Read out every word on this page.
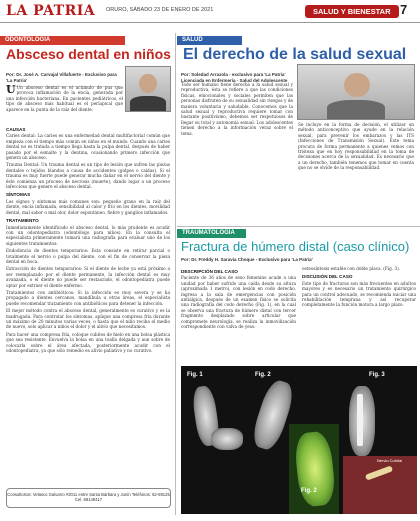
LA PATRIA ORURO, SÁBADO 23 DE ENERO DE 2021	SALUD Y BIENESTAR 7
ODONTOLOGÍA
Absceso dental en niños
Por: Dr. José A. Carvajal Villafuerte - Exclusivo para 'La Patria'

U Un absceso dental es el acúmulo de pus que provoca inflamación de la encía, generada por una infección bacteriana. En pacientes pediátricos, el tipo de absceso más habitual es el periapical que aparece en la punta de la raíz del diente.

CAUSAS

Caries dental: La caries es una enfermedad dental multifactorial común que empieza con el tiempo más común en niños en el mundo. Cuando una caries dental no es tratada a tiempo llega hasta la pulpa dental, después de haber pasado por el esmalte y la dentina, ocasionando primero infección que genera un absceso.

Trauma Dental: Un trauma dental es un tipo de lesión que sufren las piezas dentales o tejidos blandos a causa de accidentes (golpes o caídas). Si el trauma es muy fuerte puede generar mucha dañar en el nervio del diente y éste comienza un proceso de necrosis (muerte), dando lugar a un proceso infeccioso que genere el absceso dental.

SÍNTOMAS

Los signos y síntomas más comunes son: pequeño grano en la raíz del diente, encía inflamada, sensibilidad al calor y frío en los dientes, movilidad dental, mal sabor o mal olor, dolor espontáneo, fiebre y ganglios inflamados.

TRATAMIENTO

Inmediatamente identificado el absceso dental, lo más prudente es acudir con un odontopediatra (odontólogo para niños). En la consulta el especialista primeramente tomará una radiografía para evaluar uno de los siguientes tratamientos:

Endodoncia de dientes temporarios: Esta consiste en retirar parcial o totalmente el nervio o pulpa del diente, con el fin de conservar la pieza dental en boca.

Extracción de dientes temporarios: Si el diente de leche ya está próximo a ser reemplazado por el diente permanente, la infección dental es muy avanzada, o el diente no puede ser restaurado, el odontopediatra puede optar por extraer el diente enfermo.

Tratamientos con antibióticos: Si la infección es muy severa y se ha propagado a dientes cercanos, mandíbula u otras áreas, el especialista puede recomendar tratamiento con antibióticos para detener la infección.

El mejor método contra el absceso dental, generalmente es curativo y es la madrugada. Para controlar los síntomas, aplique una compresa fría durante un máximo de 20 minutos varias veces, o hasta que el niño reciba el medio de nuevo, solo aplicar a niños el dolor y el alivio que necesitamos.

Para hacer una compresa fría, coloque cubitos de hielo en una bolsa plástica que sea resistente. Envuelva la bolsa en una toalla delgada y aun sobre de colocarla sobre el área afectada, posteriormente acudir con el odontopediatra, ya que sólo remedio es alivio paliativo y no curativo.

Consultorios: Velasco Galvarro #2011 entre Santa Bárbara y Junín Teléfonos: 52-59125 Cel. 68149417
SALUD
El derecho de la salud sexual
Por: Soledad Arrazola - exclusivo para 'La Patria' Licenciada en Enfermería - Salud del Adolescente

Todo ser humano tiene derecho a la salud sexual y reproductiva, ésta se refiere a que las condiciones físicas, emocionales y sociales permiten que las personas disfruten de su sexualidad sin riesgos y de manera voluntaria y saludable. Conocemos que la salud sexual y reproductiva requiere tomar con bastante positivismo, debemos ser respetuosos de llegar su total y autonomía sexual. Los adolescentes tienen derecho a la información veraz sobre el tema.

Se incluye en la forma de decisión, el utilizar un método anticonceptivo que ayude en la relación sexual, para prevenir los embarazos y las ITS (Infecciones de Transmisión Sexual). Este tema procura de forma permanente a quienes vemos con tristeza que en hoy responsabilidad en la toma de decisiones acerca de la sexualidad. Es necesario que a un derecho, también tenemos que tomar en cuenta que no se olvide de la responsabilidad.

TRAUMATOLOGÍA
Fractura de húmero distal (caso clínico)
Por: Dr. Freddy H. Saravia Choque - Exclusivo para 'La Patria'
DESCRIPCIÓN DEL CASO

Paciente de 36 años de sexo femenino acude a una unidad por haber sufrido una caída desde su altura (aproximada 1 metro), con lesión en codo derecho, ingresa a la sala de emergencias con posición antiálgica, después de un examen físico se solicita una radiografía del codo derecho (Fig. 1), en la cual se observa una fractura de húmero distal con tercer fragmento desplazado sobre articular que compromete neurología, se realiza la inmovilización correspondiente con valva de yeso.

osteosíntesis estable con doble placa. (Fig. 3).

DISCUSIÓN DEL CASO

Este tipo de fracturas son más frecuentes en adultos mayores y es necesario un tratamiento quirúrgico para un control adecuado, se recomienda iniciar una rehabilitación temprana y así recuperar completamente la función motora a largo plazo.

Fig. 1	Fig. 2
Fig. 2
Fig. 3
Nervio Cubital
